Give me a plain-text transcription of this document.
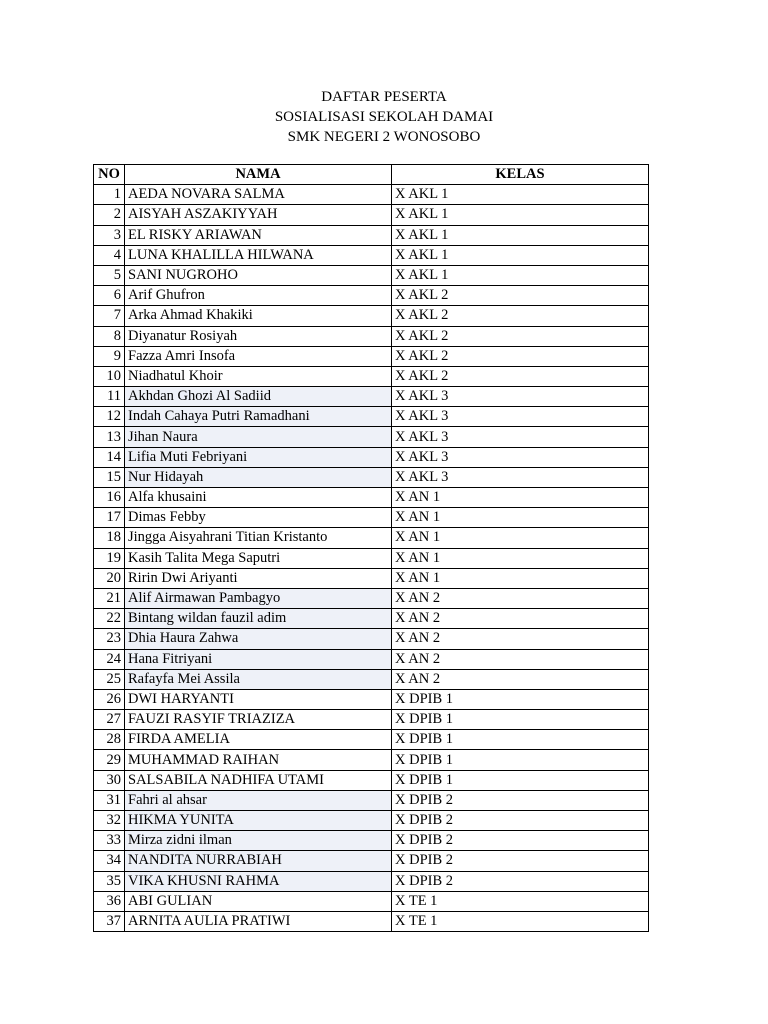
DAFTAR PESERTA
SOSIALISASI SEKOLAH DAMAI
SMK NEGERI 2 WONOSOBO
NO	NAMA	KELAS
1	AEDA NOVARA SALMA	X AKL 1
2	AISYAH ASZAKIYYAH	X AKL 1
3	EL RISKY ARIAWAN	X AKL 1
4	LUNA KHALILLA HILWANA	X AKL 1
5	SANI NUGROHO	X AKL 1
6	Arif Ghufron	X AKL 2
7	Arka Ahmad Khakiki	X AKL 2
8	Diyanatur Rosiyah	X AKL 2
9	Fazza Amri Insofa	X AKL 2
10	Niadhatul Khoir	X AKL 2
11	Akhdan Ghozi Al Sadiid	X AKL 3
12	Indah Cahaya Putri Ramadhani	X AKL 3
13	Jihan Naura	X AKL 3
14	Lifia Muti Febriyani	X AKL 3
15	Nur Hidayah	X AKL 3
16	Alfa khusaini	X AN 1
17	Dimas Febby	X AN 1
18	Jingga Aisyahrani Titian Kristanto	X AN 1
19	Kasih Talita Mega Saputri	X AN 1
20	Ririn Dwi Ariyanti	X AN 1
21	Alif Airmawan Pambagyo	X AN 2
22	Bintang wildan fauzil adim	X AN 2
23	Dhia Haura Zahwa	X AN 2
24	Hana Fitriyani	X AN 2
25	Rafayfa Mei Assila	X AN 2
26	DWI HARYANTI	X DPIB 1
27	FAUZI RASYIF TRIAZIZA	X DPIB 1
28	FIRDA AMELIA	X DPIB 1
29	MUHAMMAD RAIHAN	X DPIB 1
30	SALSABILA NADHIFA UTAMI	X DPIB 1
31	Fahri al ahsar	X DPIB 2
32	HIKMA YUNITA	X DPIB 2
33	Mirza zidni ilman	X DPIB 2
34	NANDITA NURRABIAH	X DPIB 2
35	VIKA KHUSNI RAHMA	X DPIB 2
36	ABI GULIAN	X TE 1
37	ARNITA AULIA PRATIWI	X TE 1
